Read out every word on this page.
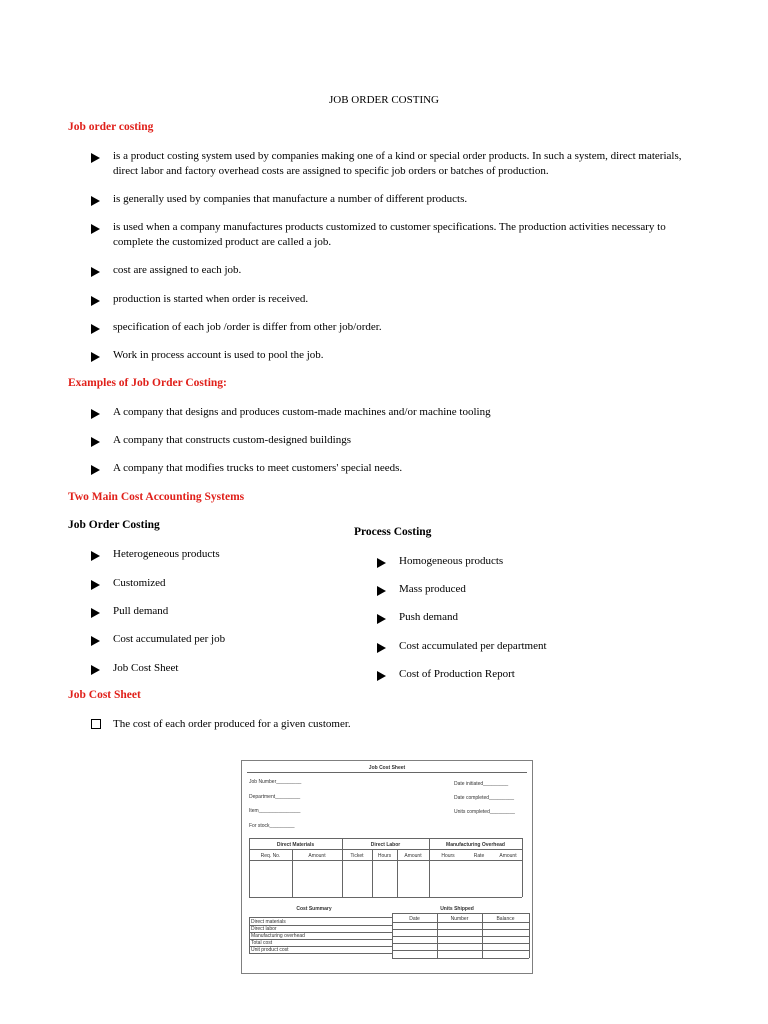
JOB ORDER COSTING
Job order costing
is a product costing system used by companies making one of a kind or special order products. In such a system, direct materials,
direct labor and factory overhead costs are assigned to specific job orders or batches of production.
is generally used by companies that manufacture a number of different products.
is used when a company manufactures products customized to customer specifications. The production activities necessary to
complete the customized product are called a job.
cost are assigned to each job.
production is started when order is received.
specification of each job /order is differ from other job/order.
Work in process account is used to pool the job.
Examples of Job Order Costing:
A company that designs and produces custom-made machines and/or machine tooling
A company that constructs custom-designed buildings
A company that modifies trucks to meet customers' special needs.
Two Main Cost Accounting Systems
Job Order Costing
Process Costing
Heterogeneous products
Customized
Pull demand
Cost accumulated per job
Job Cost Sheet
Homogeneous products
Mass produced
Push demand
Cost accumulated per department
Cost of Production Report
Job Cost Sheet
The cost of each order produced for a given customer.
Job Cost Sheet
Job Number_________
Department_________
Item_______________
For stock_________
Date initiated_________
Date completed_________
Units completed_________
Direct Materials	Direct Labor	Manufacturing Overhead
Req. No.	Amount	Ticket	Hours	Amount	Hours	Rate	Amount
Cost Summary
Direct materials
Direct labor
Manufacturing overhead
Total cost
Unit product cost
Units Shipped
Date	Number	Balance
